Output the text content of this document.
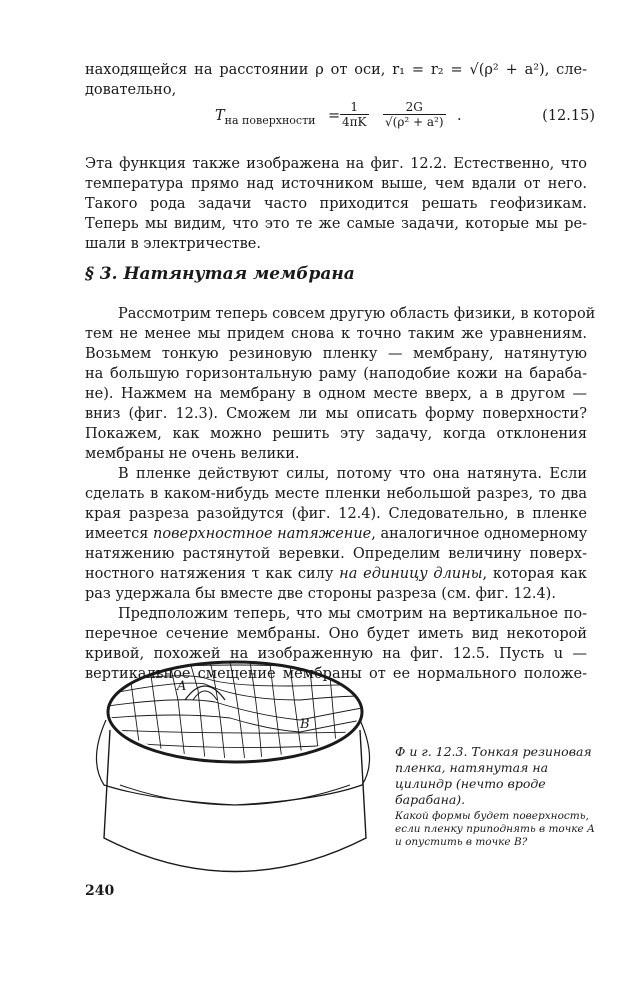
находящейся на расстоянии ρ от оси, r₁ = r₂ = √(ρ² + a²), сле-
довательно,
$T_{на поверхности} = \frac{1}{4\pi K} \frac{2G}{\text{√(ρ² + a²)}}$ .	(12.15)
Эта функция также изображена на фиг. 12.2. Естественно, что
температура прямо над источником выше, чем вдали от него.
Такого рода задачи часто приходится решать геофизикам.
Теперь мы видим, что это те же самые задачи, которые мы ре-
шали в электричестве.
§ 3. Натянутая мембрана
Рассмотрим теперь совсем другую область физики, в которой
тем не менее мы придем снова к точно таким же уравнениям.
Возьмем тонкую резиновую пленку — мембрану, натянутую
на большую горизонтальную раму (наподобие кожи на бараба-
не). Нажмем на мембрану в одном месте вверх, а в другом —
вниз (фиг. 12.3). Сможем ли мы описать форму поверхности?
Покажем, как можно решить эту задачу, когда отклонения
мембраны не очень велики.
В пленке действуют силы, потому что она натянута. Если
сделать в каком-нибудь месте пленки небольшой разрез, то два
края разреза разойдутся (фиг. 12.4). Следовательно, в пленке
имеется поверхностное натяжение, аналогичное одномерному
натяжению растянутой веревки. Определим величину поверх-
ностного натяжения τ как силу на единицу длины, которая как
раз удержала бы вместе две стороны разреза (см. фиг. 12.4).
Предположим теперь, что мы смотрим на вертикальное по-
перечное сечение мембраны. Оно будет иметь вид некоторой
кривой, похожей на изображенную на фиг. 12.5. Пусть u —
вертикальное смещение мембраны от ее нормального положе-
A
B
Ф и г. 12.3. Тонкая резиновая пленка, натянутая на цилиндр (нечто вроде барабана).
Какой формы будет поверхность, если пленку приподнять в точке A и опустить в точке B?
240
